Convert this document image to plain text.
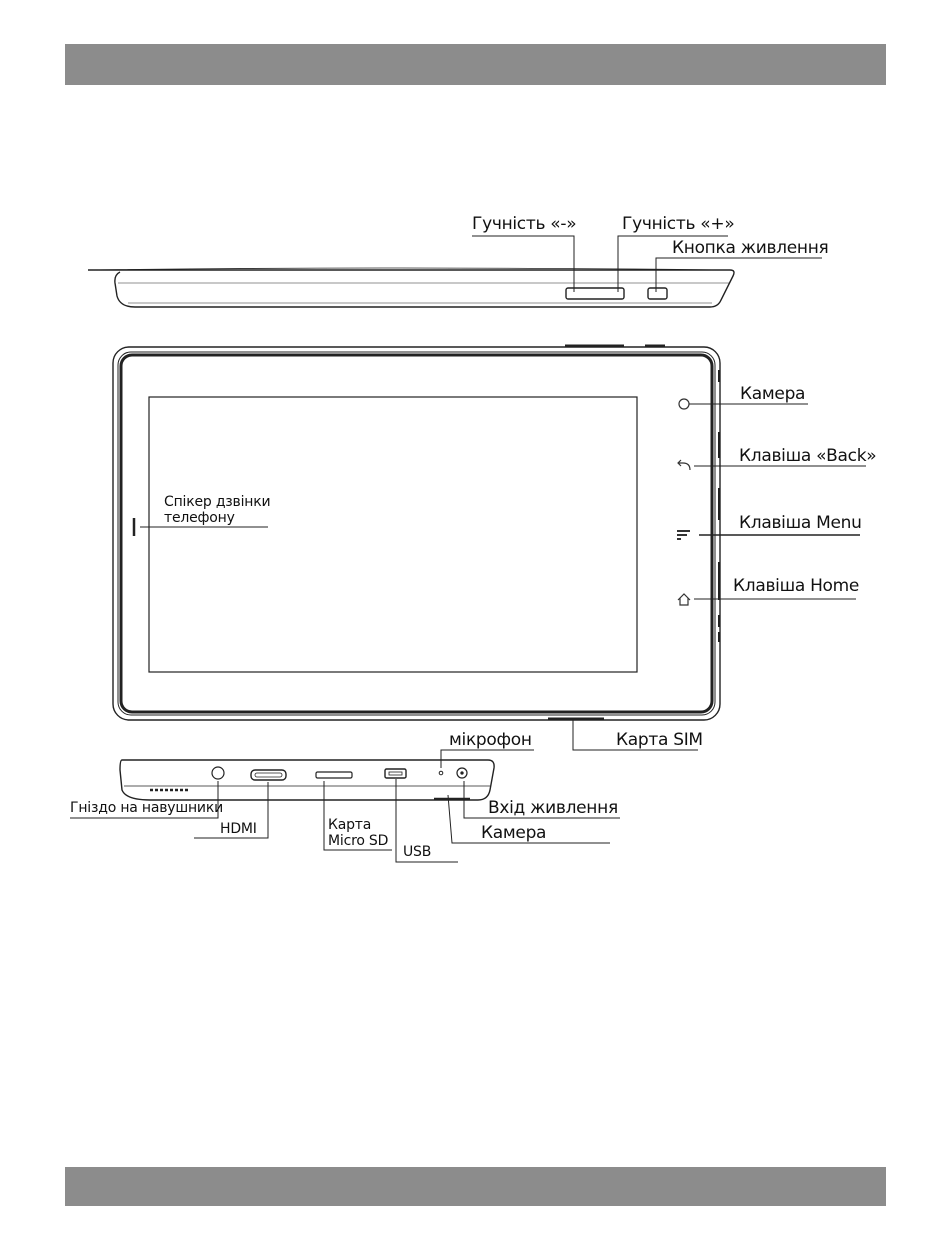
Гучність «-»	Гучність «+»
Кнопка живлення
Камера
Клавіша «Back»
Клавіша Menu
Клавіша Home
Спікер дзвінки
телефону
Карта SIM
мікрофон
Гніздо на навушники
HDMI	Карта
Micro SD
USB
Вхід живлення
Камера
